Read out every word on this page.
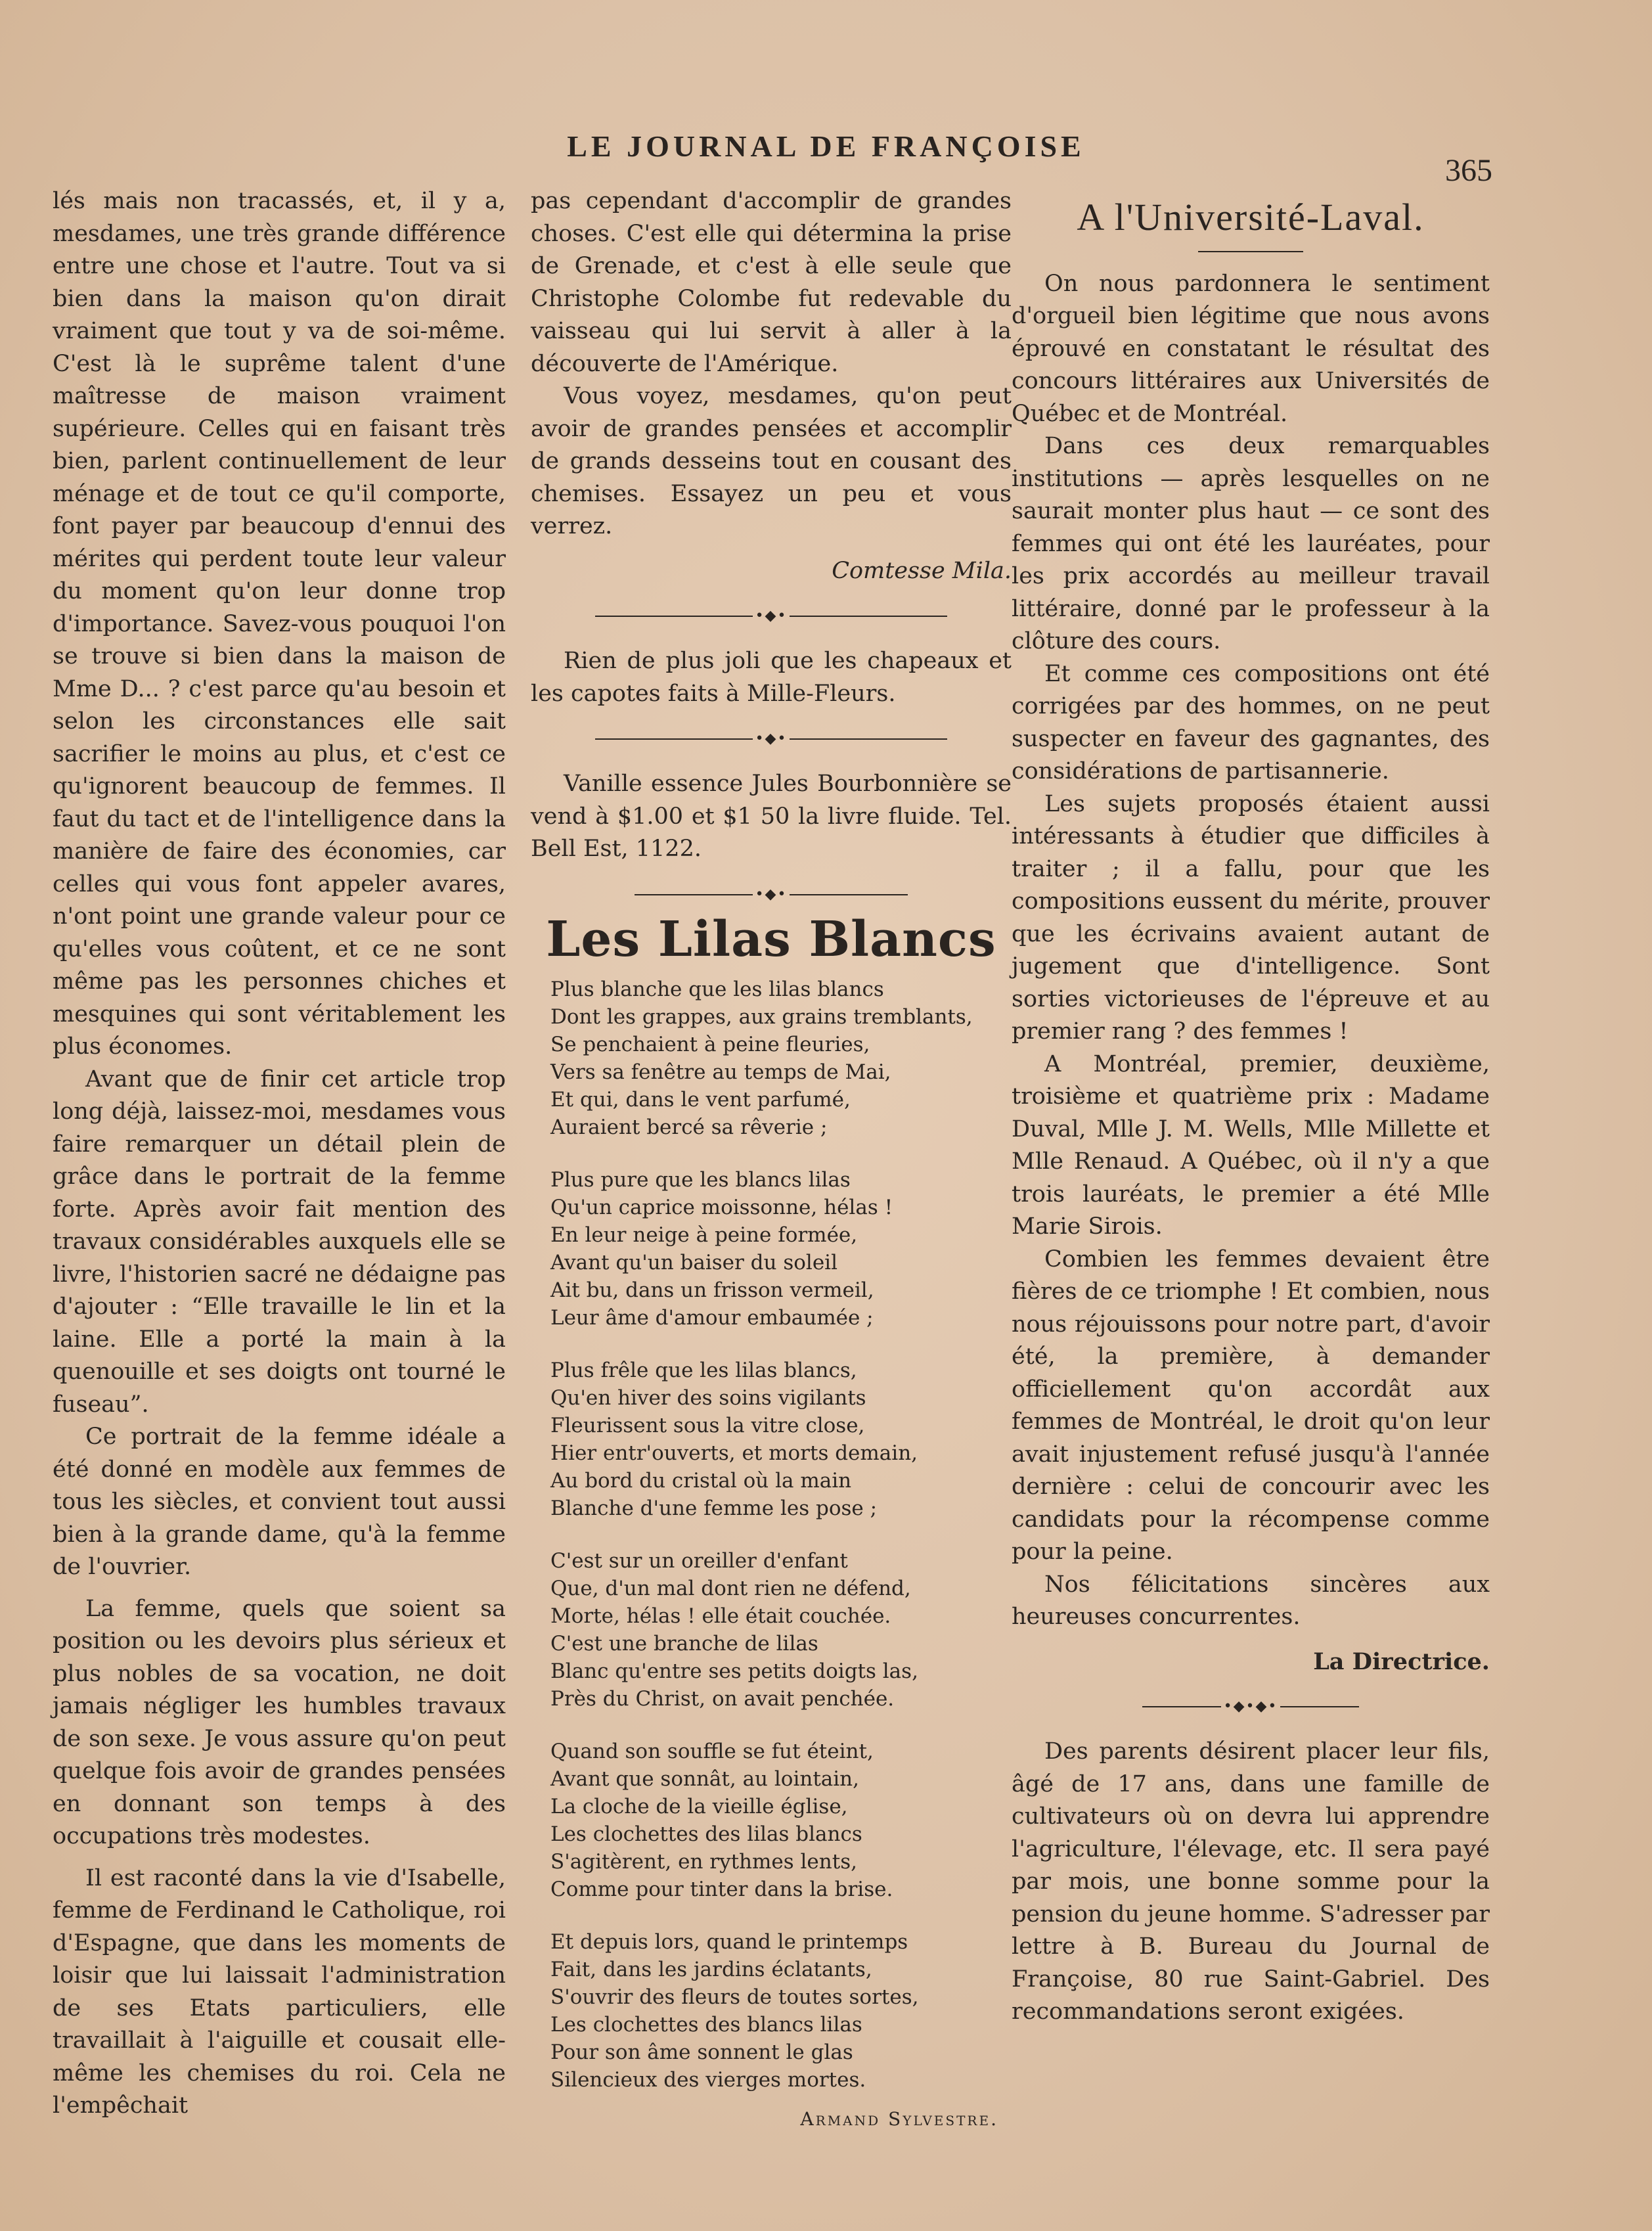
LE JOURNAL DE FRANÇOISE
365

lés mais non tracassés, et, il y a, mesdames, une très grande différence entre une chose et l'autre. Tout va si bien dans la maison qu'on dirait vraiment que tout y va de soi-même. C'est là le suprême talent d'une maîtresse de maison vraiment supérieure. Celles qui en faisant très bien, parlent continuellement de leur ménage et de tout ce qu'il comporte, font payer par beaucoup d'ennui des mérites qui perdent toute leur valeur du moment qu'on leur donne trop d'importance. Savez-vous pouquoi l'on se trouve si bien dans la maison de Mme D... ? c'est parce qu'au besoin et selon les circonstances elle sait sacrifier le moins au plus, et c'est ce qu'ignorent beaucoup de femmes. Il faut du tact et de l'intelligence dans la manière de faire des économies, car celles qui vous font appeler avares, n'ont point une grande valeur pour ce qu'elles vous coûtent, et ce ne sont même pas les personnes chiches et mesquines qui sont véritablement les plus économes.

Avant que de finir cet article trop long déjà, laissez-moi, mesdames vous faire remarquer un détail plein de grâce dans le portrait de la femme forte. Après avoir fait mention des travaux considérables auxquels elle se livre, l'historien sacré ne dédaigne pas d'ajouter : “Elle travaille le lin et la laine. Elle a porté la main à la quenouille et ses doigts ont tourné le fuseau”.

Ce portrait de la femme idéale a été donné en modèle aux femmes de tous les siècles, et convient tout aussi bien à la grande dame, qu'à la femme de l'ouvrier.

La femme, quels que soient sa position ou les devoirs plus sérieux et plus nobles de sa vocation, ne doit jamais négliger les humbles travaux de son sexe. Je vous assure qu'on peut quelque fois avoir de grandes pensées en donnant son temps à des occupations très modestes.

Il est raconté dans la vie d'Isabelle, femme de Ferdinand le Catholique, roi d'Espagne, que dans les moments de loisir que lui laissait l'administration de ses Etats particuliers, elle travaillait à l'aiguille et cousait elle-même les chemises du roi. Cela ne l'empêchait

pas cependant d'accomplir de grandes choses. C'est elle qui détermina la prise de Grenade, et c'est à elle seule que Christophe Colombe fut redevable du vaisseau qui lui servit à aller à la découverte de l'Amérique.

Vous voyez, mesdames, qu'on peut avoir de grandes pensées et accomplir de grands desseins tout en cousant des chemises. Essayez un peu et vous verrez.

Comtesse Mila.
•◆•

Rien de plus joli que les chapeaux et les capotes faits à Mille-Fleurs.

•◆•

Vanille essence Jules Bourbonnière se vend à $1.00 et $1 50 la livre fluide. Tel. Bell Est, 1122.

•◆•
Les Lilas Blancs
Plus blanche que les lilas blancs
Dont les grappes, aux grains tremblants,
Se penchaient à peine fleuries,
Vers sa fenêtre au temps de Mai,
Et qui, dans le vent parfumé,
Auraient bercé sa rêverie ;
Plus pure que les blancs lilas
Qu'un caprice moissonne, hélas !
En leur neige à peine formée,
Avant qu'un baiser du soleil
Ait bu, dans un frisson vermeil,
Leur âme d'amour embaumée ;
Plus frêle que les lilas blancs,
Qu'en hiver des soins vigilants
Fleurissent sous la vitre close,
Hier entr'ouverts, et morts demain,
Au bord du cristal où la main
Blanche d'une femme les pose ;
C'est sur un oreiller d'enfant
Que, d'un mal dont rien ne défend,
Morte, hélas ! elle était couchée.
C'est une branche de lilas
Blanc qu'entre ses petits doigts las,
Près du Christ, on avait penchée.
Quand son souffle se fut éteint,
Avant que sonnât, au lointain,
La cloche de la vieille église,
Les clochettes des lilas blancs
S'agitèrent, en rythmes lents,
Comme pour tinter dans la brise.
Et depuis lors, quand le printemps
Fait, dans les jardins éclatants,
S'ouvrir des fleurs de toutes sortes,
Les clochettes des blancs lilas
Pour son âme sonnent le glas
Silencieux des vierges mortes.
Armand Sylvestre.
A l'Université-Laval.

On nous pardonnera le sentiment d'orgueil bien légitime que nous avons éprouvé en constatant le résultat des concours littéraires aux Universités de Québec et de Montréal.

Dans ces deux remarquables institutions — après lesquelles on ne saurait monter plus haut — ce sont des femmes qui ont été les lauréates, pour les prix accordés au meilleur travail littéraire, donné par le professeur à la clôture des cours.

Et comme ces compositions ont été corrigées par des hommes, on ne peut suspecter en faveur des gagnantes, des considérations de partisannerie.

Les sujets proposés étaient aussi intéressants à étudier que difficiles à traiter ; il a fallu, pour que les compositions eussent du mérite, prouver que les écrivains avaient autant de jugement que d'intelligence. Sont sorties victorieuses de l'épreuve et au premier rang ? des femmes !

A Montréal, premier, deuxième, troisième et quatrième prix : Madame Duval, Mlle J. M. Wells, Mlle Millette et Mlle Renaud. A Québec, où il n'y a que trois lauréats, le premier a été Mlle Marie Sirois.

Combien les femmes devaient être fières de ce triomphe ! Et combien, nous nous réjouissons pour notre part, d'avoir été, la première, à demander officiellement qu'on accordât aux femmes de Montréal, le droit qu'on leur avait injustement refusé jusqu'à l'année dernière : celui de concourir avec les candidats pour la récompense comme pour la peine.

Nos félicitations sincères aux heureuses concurrentes.

La Directrice.
•◆•◆•

Des parents désirent placer leur fils, âgé de 17 ans, dans une famille de cultivateurs où on devra lui apprendre l'agriculture, l'élevage, etc. Il sera payé par mois, une bonne somme pour la pension du jeune homme. S'adresser par lettre à B. Bureau du Journal de Françoise, 80 rue Saint-Gabriel. Des recommandations seront exigées.
